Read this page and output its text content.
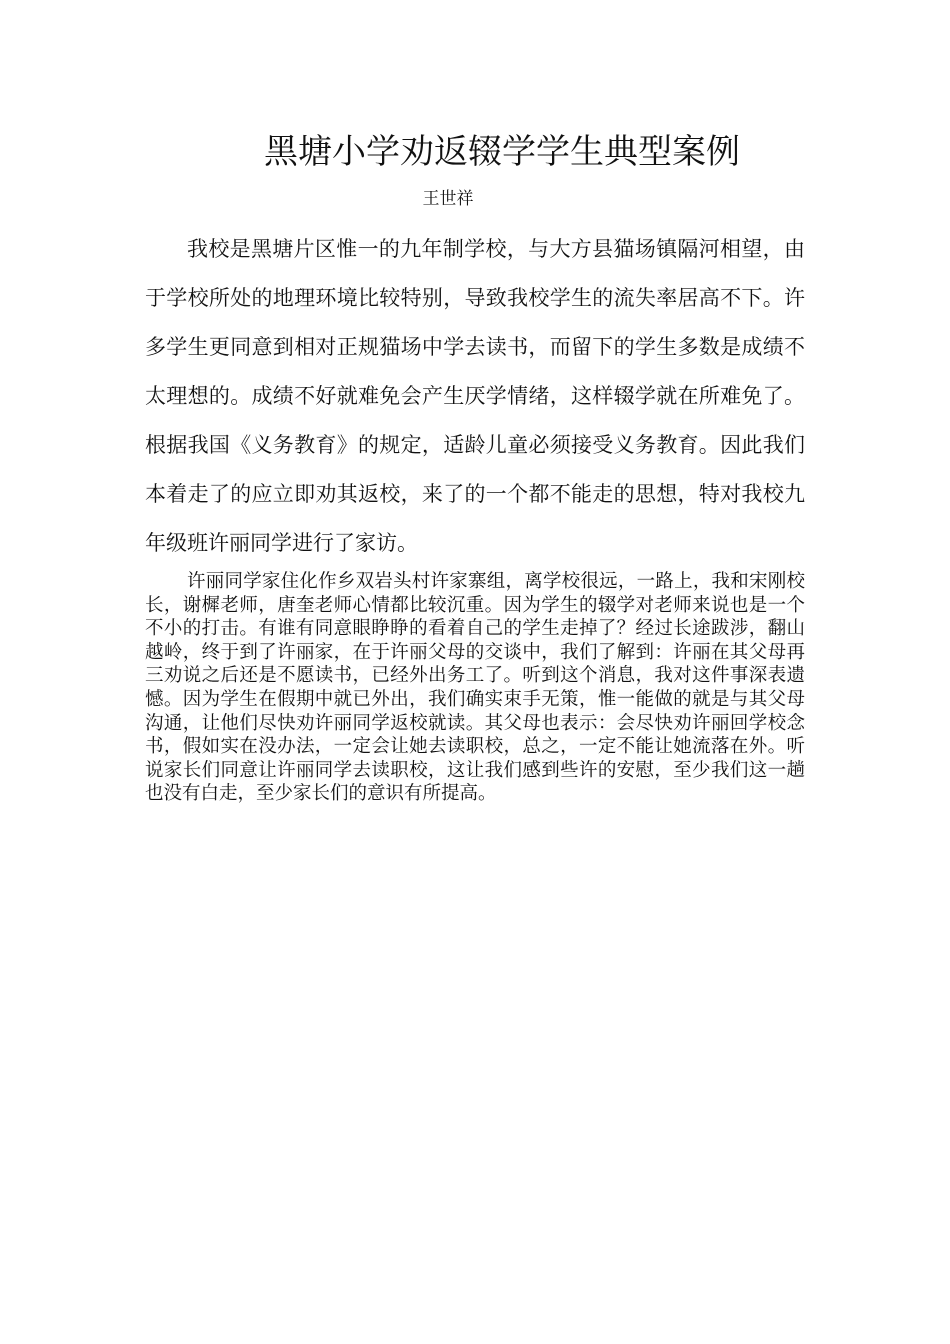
黑塘小学劝返辍学学生典型案例
王世祥

我校是黑塘片区惟一的九年制学校，与大方县猫场镇隔河相望，由于学校所处的地理环境比较特别，导致我校学生的流失率居高不下。许多学生更同意到相对正规猫场中学去读书，而留下的学生多数是成绩不太理想的。成绩不好就难免会产生厌学情绪，这样辍学就在所难免了。根据我国《义务教育》的规定，适龄儿童必须接受义务教育。因此我们本着走了的应立即劝其返校，来了的一个都不能走的思想，特对我校九年级班许丽同学进行了家访。

许丽同学家住化作乡双岩头村许家寨组，离学校很远，一路上，我和宋刚校长，谢樨老师，唐奎老师心情都比较沉重。因为学生的辍学对老师来说也是一个不小的打击。有谁有同意眼睁睁的看着自己的学生走掉了？经过长途跋涉，翻山越岭，终于到了许丽家，在于许丽父母的交谈中，我们了解到：许丽在其父母再三劝说之后还是不愿读书，已经外出务工了。听到这个消息，我对这件事深表遗憾。因为学生在假期中就已外出，我们确实束手无策，惟一能做的就是与其父母沟通，让他们尽快劝许丽同学返校就读。其父母也表示：会尽快劝许丽回学校念书，假如实在没办法，一定会让她去读职校，总之，一定不能让她流落在外。听说家长们同意让许丽同学去读职校，这让我们感到些许的安慰，至少我们这一趟也没有白走，至少家长们的意识有所提高。
